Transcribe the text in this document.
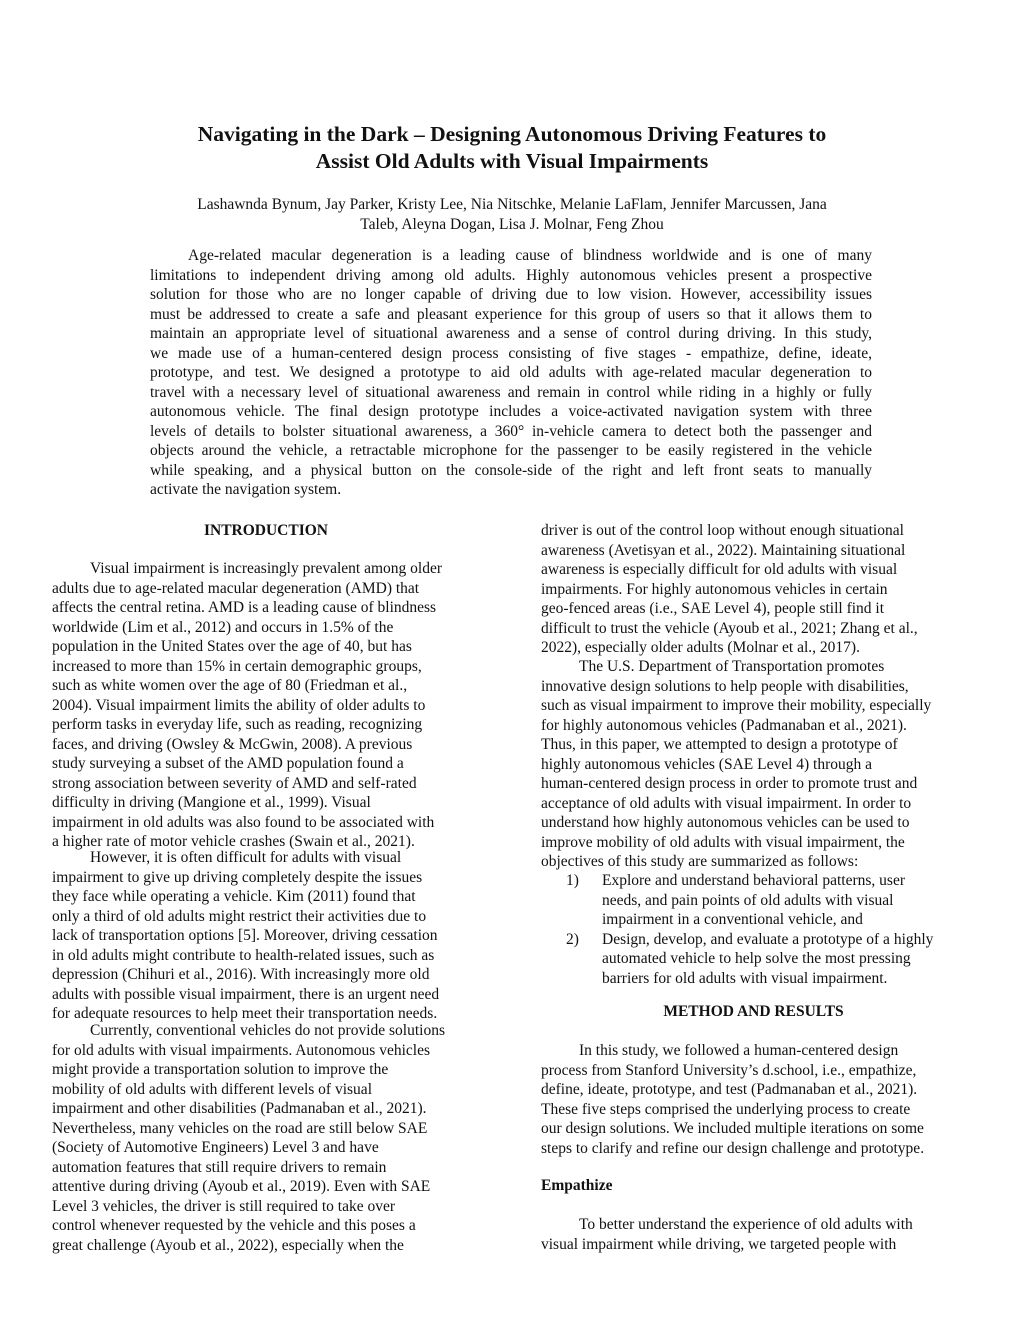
Navigating in the Dark – Designing Autonomous Driving Features to
Assist Old Adults with Visual Impairments
Lashawnda Bynum, Jay Parker, Kristy Lee, Nia Nitschke, Melanie LaFlam, Jennifer Marcussen, Jana
Taleb, Aleyna Dogan, Lisa J. Molnar, Feng Zhou
Age-related macular degeneration is a leading cause of blindness worldwide and is one of many
limitations to independent driving among old adults. Highly autonomous vehicles present a prospective
solution for those who are no longer capable of driving due to low vision. However, accessibility issues
must be addressed to create a safe and pleasant experience for this group of users so that it allows them to
maintain an appropriate level of situational awareness and a sense of control during driving. In this study,
we made use of a human-centered design process consisting of five stages - empathize, define, ideate,
prototype, and test. We designed a prototype to aid old adults with age-related macular degeneration to
travel with a necessary level of situational awareness and remain in control while riding in a highly or fully
autonomous vehicle. The final design prototype includes a voice-activated navigation system with three
levels of details to bolster situational awareness, a 360° in-vehicle camera to detect both the passenger and
objects around the vehicle, a retractable microphone for the passenger to be easily registered in the vehicle
while speaking, and a physical button on the console-side of the right and left front seats to manually
activate the navigation system.
INTRODUCTION
Visual impairment is increasingly prevalent among older
adults due to age-related macular degeneration (AMD) that
affects the central retina. AMD is a leading cause of blindness
worldwide (Lim et al., 2012) and occurs in 1.5% of the
population in the United States over the age of 40, but has
increased to more than 15% in certain demographic groups,
such as white women over the age of 80 (Friedman et al.,
2004). Visual impairment limits the ability of older adults to
perform tasks in everyday life, such as reading, recognizing
faces, and driving (Owsley & McGwin, 2008). A previous
study surveying a subset of the AMD population found a
strong association between severity of AMD and self-rated
difficulty in driving (Mangione et al., 1999). Visual
impairment in old adults was also found to be associated with
a higher rate of motor vehicle crashes (Swain et al., 2021).
However, it is often difficult for adults with visual
impairment to give up driving completely despite the issues
they face while operating a vehicle. Kim (2011) found that
only a third of old adults might restrict their activities due to
lack of transportation options [5]. Moreover, driving cessation
in old adults might contribute to health-related issues, such as
depression (Chihuri et al., 2016). With increasingly more old
adults with possible visual impairment, there is an urgent need
for adequate resources to help meet their transportation needs.
Currently, conventional vehicles do not provide solutions
for old adults with visual impairments. Autonomous vehicles
might provide a transportation solution to improve the
mobility of old adults with different levels of visual
impairment and other disabilities (Padmanaban et al., 2021).
Nevertheless, many vehicles on the road are still below SAE
(Society of Automotive Engineers) Level 3 and have
automation features that still require drivers to remain
attentive during driving (Ayoub et al., 2019). Even with SAE
Level 3 vehicles, the driver is still required to take over
control whenever requested by the vehicle and this poses a
great challenge (Ayoub et al., 2022), especially when the
driver is out of the control loop without enough situational
awareness (Avetisyan et al., 2022). Maintaining situational
awareness is especially difficult for old adults with visual
impairments. For highly autonomous vehicles in certain
geo-fenced areas (i.e., SAE Level 4), people still find it
difficult to trust the vehicle (Ayoub et al., 2021; Zhang et al.,
2022), especially older adults (Molnar et al., 2017).
The U.S. Department of Transportation promotes
innovative design solutions to help people with disabilities,
such as visual impairment to improve their mobility, especially
for highly autonomous vehicles (Padmanaban et al., 2021).
Thus, in this paper, we attempted to design a prototype of
highly autonomous vehicles (SAE Level 4) through a
human-centered design process in order to promote trust and
acceptance of old adults with visual impairment. In order to
understand how highly autonomous vehicles can be used to
improve mobility of old adults with visual impairment, the
objectives of this study are summarized as follows:
1) Explore and understand behavioral patterns, user
needs, and pain points of old adults with visual
impairment in a conventional vehicle, and
2) Design, develop, and evaluate a prototype of a highly
automated vehicle to help solve the most pressing
barriers for old adults with visual impairment.
METHOD AND RESULTS
In this study, we followed a human-centered design
process from Stanford University’s d.school, i.e., empathize,
define, ideate, prototype, and test (Padmanaban et al., 2021).
These five steps comprised the underlying process to create
our design solutions. We included multiple iterations on some
steps to clarify and refine our design challenge and prototype.
Empathize
To better understand the experience of old adults with
visual impairment while driving, we targeted people with
